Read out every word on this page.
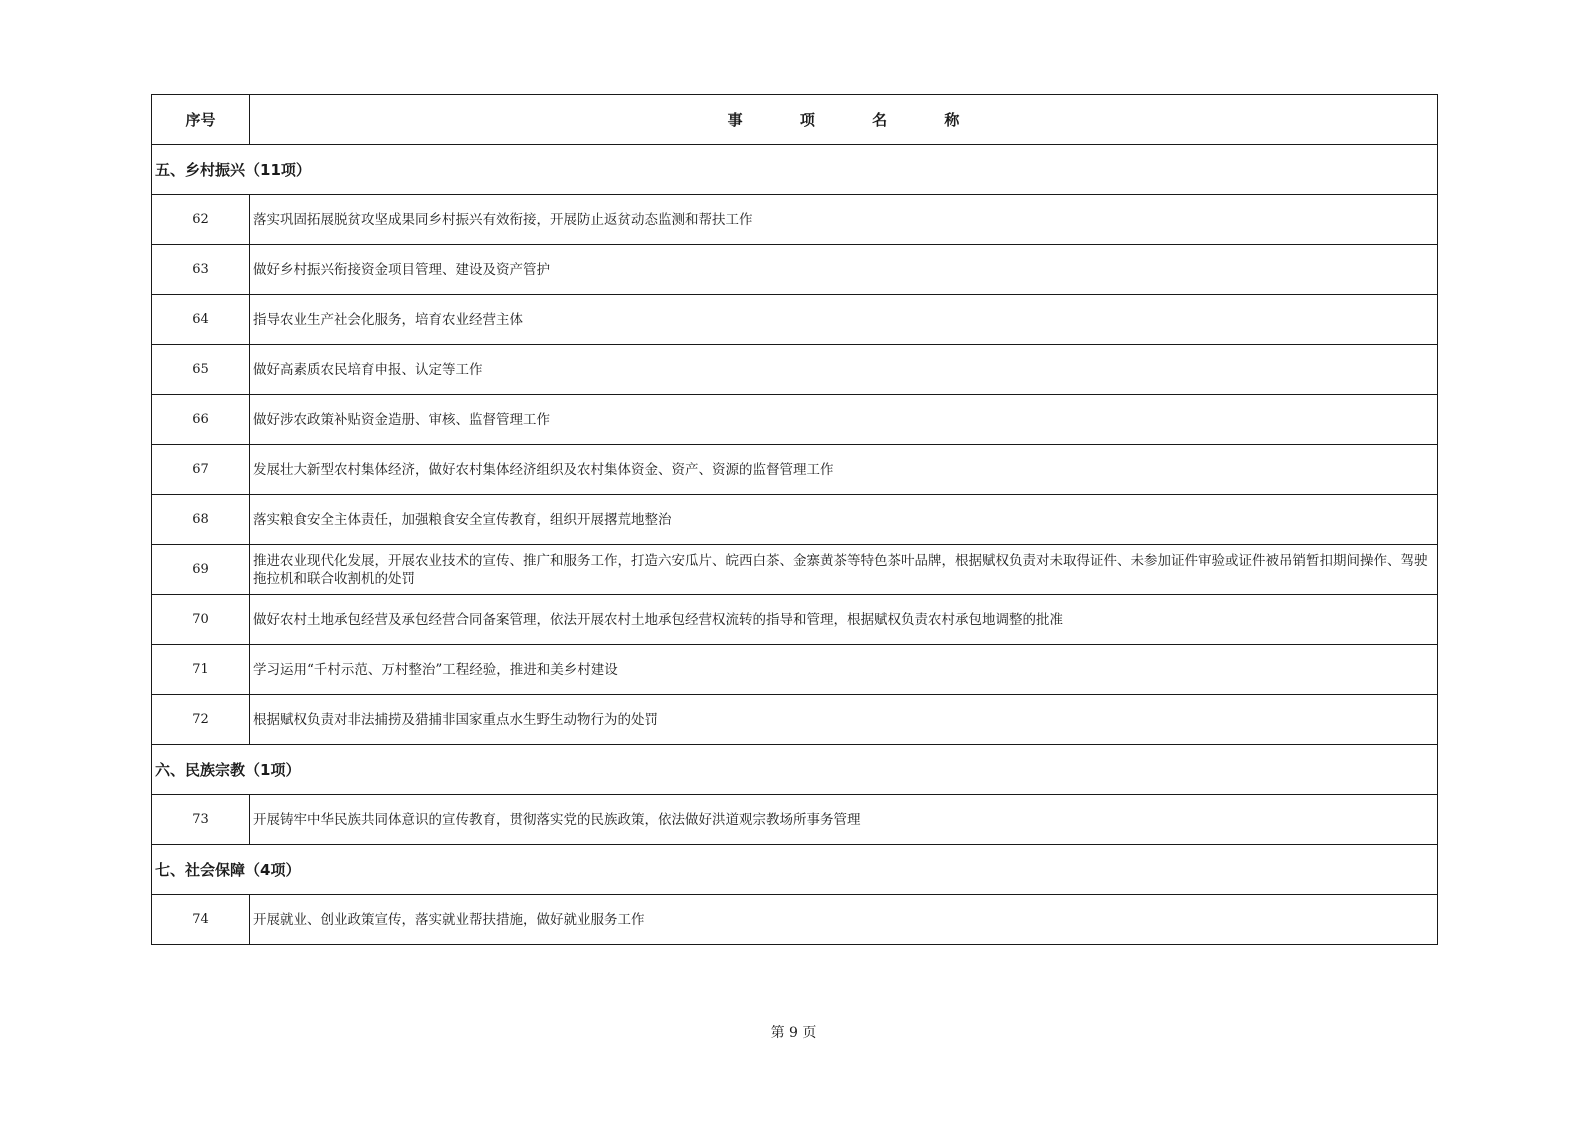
序号	事 项 名 称
五、乡村振兴（11项）	
62	落实巩固拓展脱贫攻坚成果同乡村振兴有效衔接，开展防止返贫动态监测和帮扶工作
63	做好乡村振兴衔接资金项目管理、建设及资产管护
64	指导农业生产社会化服务，培育农业经营主体
65	做好高素质农民培育申报、认定等工作
66	做好涉农政策补贴资金造册、审核、监督管理工作
67	发展壮大新型农村集体经济，做好农村集体经济组织及农村集体资金、资产、资源的监督管理工作
68	落实粮食安全主体责任，加强粮食安全宣传教育，组织开展撂荒地整治
69	推进农业现代化发展，开展农业技术的宣传、推广和服务工作，打造六安瓜片、皖西白茶、金寨黄茶等特色茶叶品牌，根据赋权负责对未取得证件、未参加证件审验或证件被吊销暂扣期间操作、驾驶拖拉机和联合收割机的处罚
70	做好农村土地承包经营及承包经营合同备案管理，依法开展农村土地承包经营权流转的指导和管理，根据赋权负责农村承包地调整的批准
71	学习运用“千村示范、万村整治”工程经验，推进和美乡村建设
72	根据赋权负责对非法捕捞及猎捕非国家重点水生野生动物行为的处罚
六、民族宗教（1项）	
73	开展铸牢中华民族共同体意识的宣传教育，贯彻落实党的民族政策，依法做好洪道观宗教场所事务管理
七、社会保障（4项）	
74	开展就业、创业政策宣传，落实就业帮扶措施，做好就业服务工作
第 9 页
